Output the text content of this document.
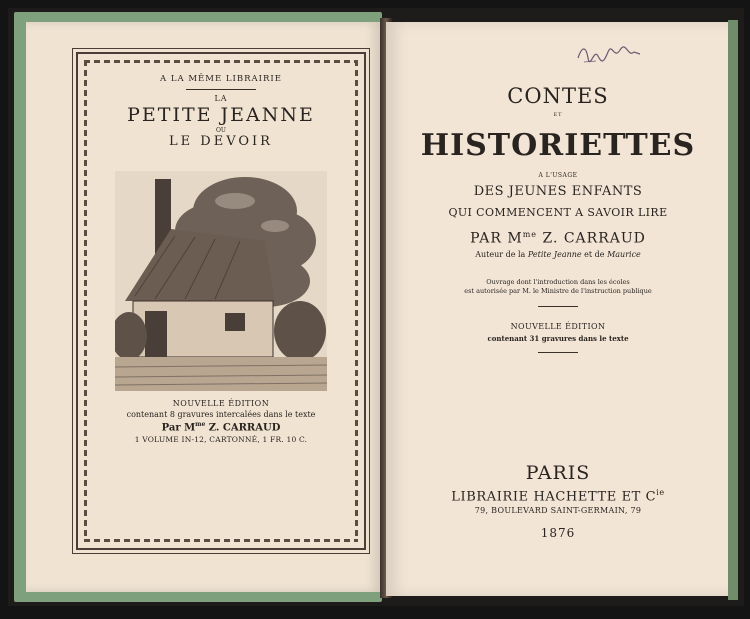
A LA MÊME LIBRAIRIE
LA
PETITE JEANNE
OU
LE DEVOIR
NOUVELLE ÉDITION
contenant 8 gravures intercalées dans le texte
Par $M^{me}$ Z. CARRAUD
1 VOLUME IN-12, CARTONNÉ, 1 FR. 10 C.
CONTES
ET
HISTORIETTES
A L'USAGE
DES JEUNES ENFANTS
QUI COMMENCENT A SAVOIR LIRE
PAR $M^{me}$ Z. CARRAUD
Auteur de la Petite Jeanne et de Maurice
Ouvrage dont l'introduction dans les écoles
est autorisée par M. le Ministre de l'instruction publique
NOUVELLE ÉDITION
contenant 31 gravures dans le texte
PARIS
LIBRAIRIE HACHETTE ET $C^{ie}$
79, BOULEVARD SAINT-GERMAIN, 79
1876
